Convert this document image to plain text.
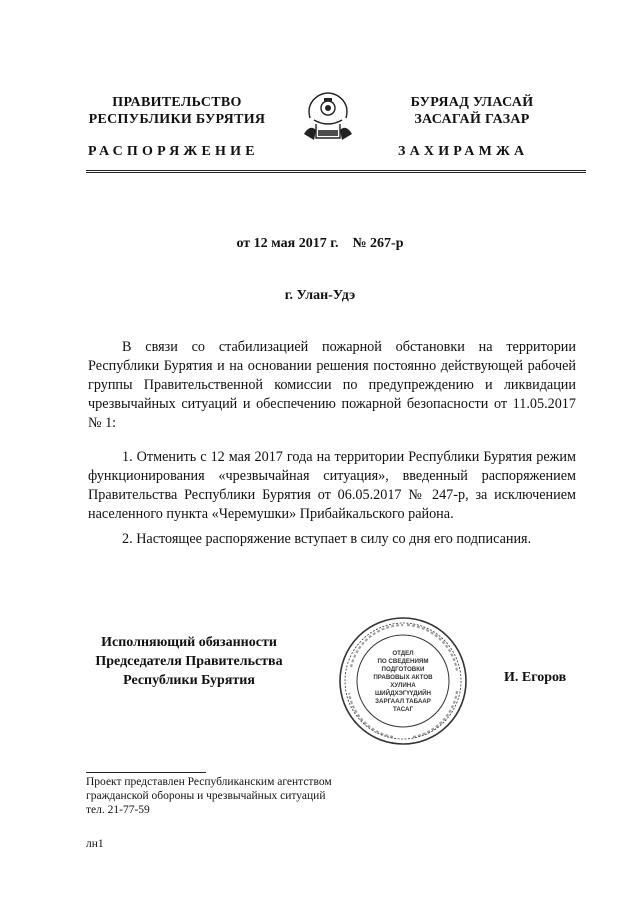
ПРАВИТЕЛЬСТВО
РЕСПУБЛИКИ БУРЯТИЯ
БУРЯАД УЛАСАЙ
ЗАСАГАЙ ГАЗАР
РАСПОРЯЖЕНИЕ	ЗАХИРАМЖА
от 12 мая 2017 г.    № 267-р
г. Улан-Удэ
В связи со стабилизацией пожарной обстановки на территории Республики Бурятия и на основании решения постоянно действующей рабочей группы Правительственной комиссии по предупреждению и ликвидации чрезвычайных ситуаций и обеспечению пожарной безопасности от 11.05.2017 № 1:
1. Отменить с 12 мая 2017 года на территории Республики Бурятия режим функционирования «чрезвычайная ситуация», введенный распоряжением Правительства Республики Бурятия от 06.05.2017 № 247-р, за исключением населенного пункта «Черемушки» Прибайкальского района.
2. Настоящее распоряжение вступает в силу со дня его подписания.
Исполняющий обязанности
Председателя Правительства
Республики Бурятия
ОТДЕЛ
ПО СВЕДЕНИЯМ
ПОДГОТОВКИ
ПРАВОВЫХ АКТОВ
ХУЛИНА
ШИЙДХЭГҮҮДИЙН
ЗАРГААЛ ТАБААР
ТАСАГ
И. Егоров
Проект представлен Республиканским агентством
гражданской обороны и чрезвычайных ситуаций
тел. 21-77-59
лн1
